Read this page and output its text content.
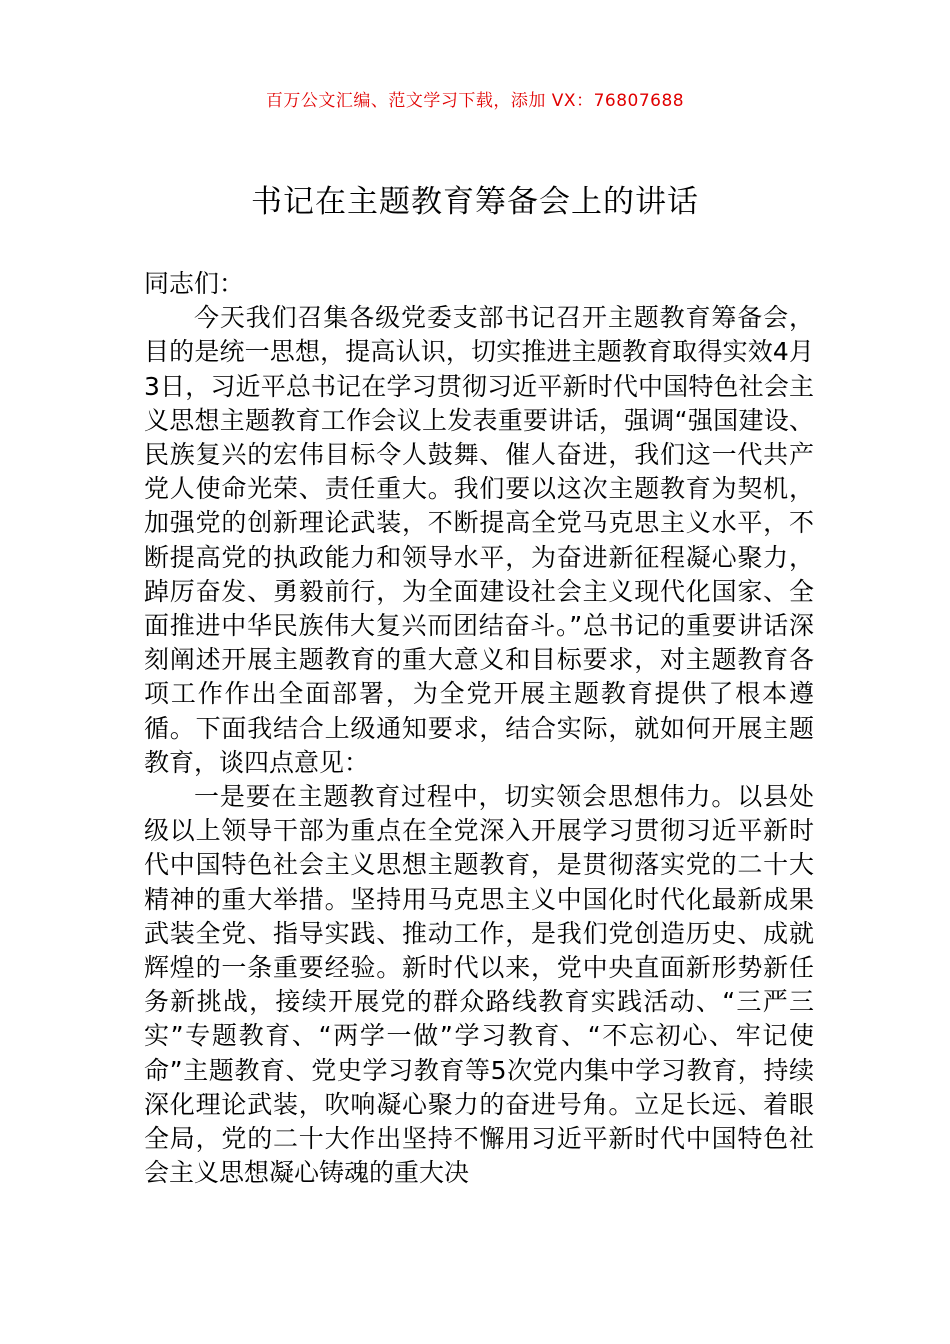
百万公文汇编、范文学习下载，添加 VX：76807688
书记在主题教育筹备会上的讲话

同志们：

今天我们召集各级党委支部书记召开主题教育筹备会，目的是统一思想，提高认识，切实推进主题教育取得实效4月3日，习近平总书记在学习贯彻习近平新时代中国特色社会主义思想主题教育工作会议上发表重要讲话，强调“强国建设、民族复兴的宏伟目标令人鼓舞、催人奋进，我们这一代共产党人使命光荣、责任重大。我们要以这次主题教育为契机，加强党的创新理论武装，不断提高全党马克思主义水平，不断提高党的执政能力和领导水平，为奋进新征程凝心聚力，踔厉奋发、勇毅前行，为全面建设社会主义现代化国家、全面推进中华民族伟大复兴而团结奋斗。”总书记的重要讲话深刻阐述开展主题教育的重大意义和目标要求，对主题教育各项工作作出全面部署，为全党开展主题教育提供了根本遵循。下面我结合上级通知要求，结合实际，就如何开展主题教育，谈四点意见：

一是要在主题教育过程中，切实领会思想伟力。以县处级以上领导干部为重点在全党深入开展学习贯彻习近平新时代中国特色社会主义思想主题教育，是贯彻落实党的二十大精神的重大举措。坚持用马克思主义中国化时代化最新成果武装全党、指导实践、推动工作，是我们党创造历史、成就辉煌的一条重要经验。新时代以来，党中央直面新形势新任务新挑战，接续开展党的群众路线教育实践活动、“三严三实”专题教育、“两学一做”学习教育、“不忘初心、牢记使命”主题教育、党史学习教育等5次党内集中学习教育，持续深化理论武装，吹响凝心聚力的奋进号角。立足长远、着眼全局，党的二十大作出坚持不懈用习近平新时代中国特色社会主义思想凝心铸魂的重大决
